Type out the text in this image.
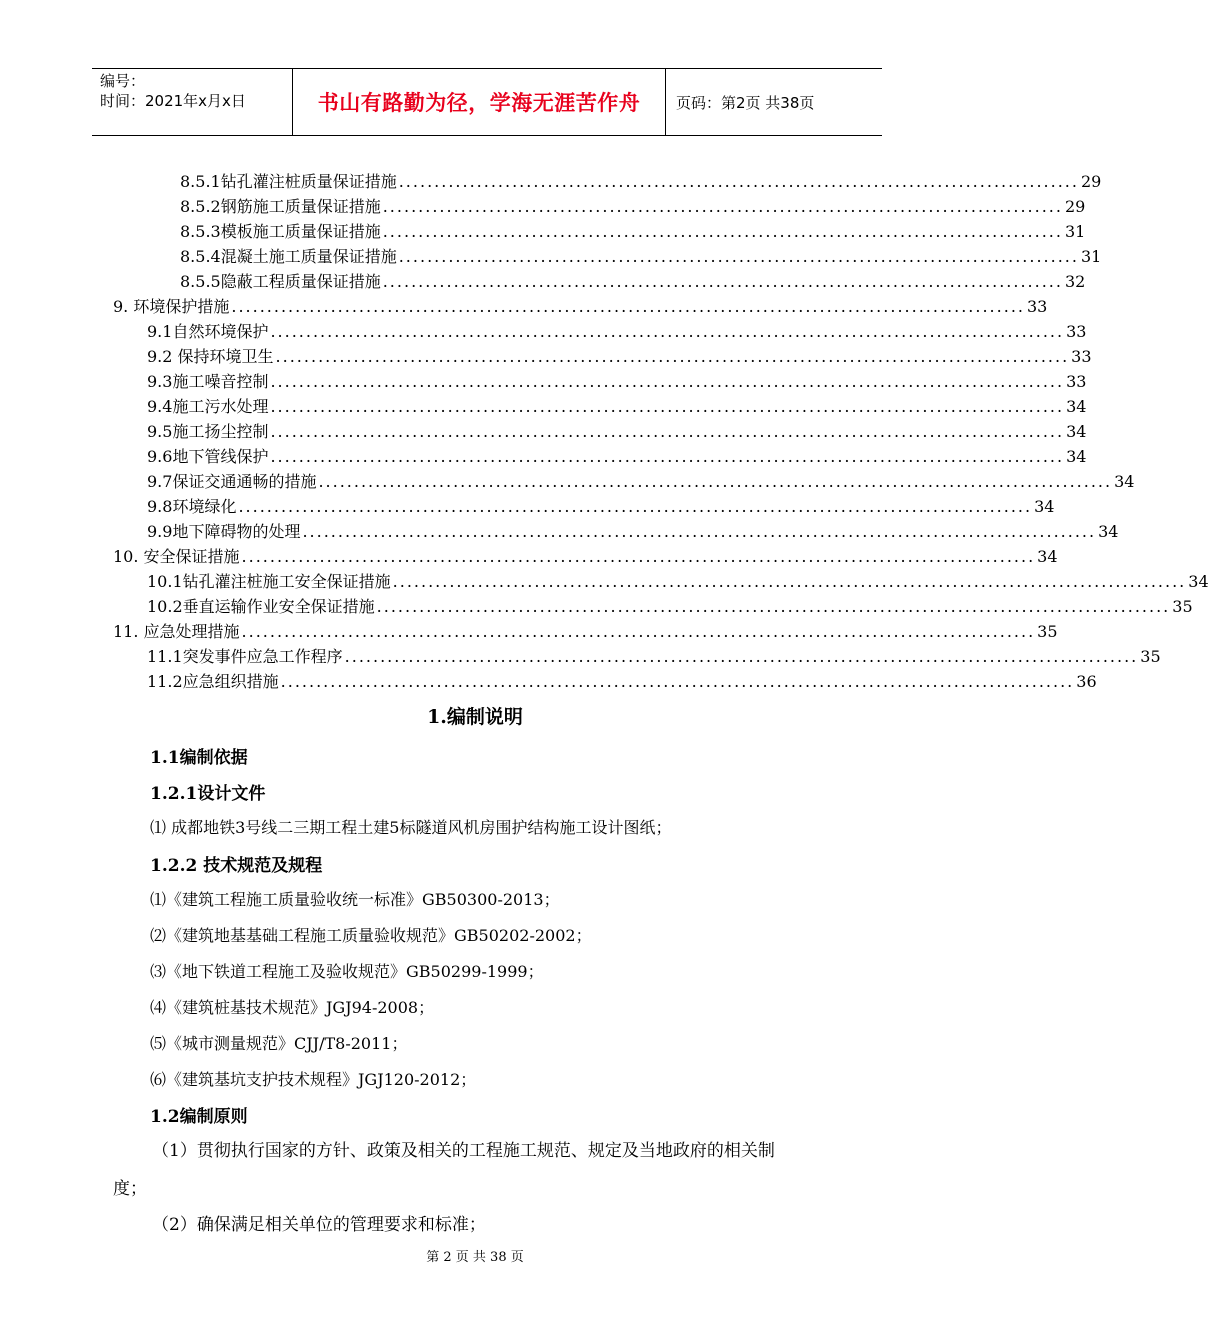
编号：
时间：2021年x月x日	书山有路勤为径，学海无涯苦作舟	页码：第2页 共38页
8.5.1钻孔灌注桩质量保证措施 ................................................................................................ 29
8.5.2钢筋施工质量保证措施 ................................................................................................ 29
8.5.3模板施工质量保证措施 ................................................................................................ 31
8.5.4混凝土施工质量保证措施 ................................................................................................ 31
8.5.5隐蔽工程质量保证措施 ................................................................................................ 32
9. 环境保护措施 ................................................................................................................ 33
9.1自然环境保护 ................................................................................................................ 33
9.2 保持环境卫生 ................................................................................................................ 33
9.3施工噪音控制 ................................................................................................................ 33
9.4施工污水处理 ................................................................................................................ 34
9.5施工扬尘控制 ................................................................................................................ 34
9.6地下管线保护 ................................................................................................................ 34
9.7保证交通通畅的措施 ................................................................................................................ 34
9.8环境绿化 ................................................................................................................ 34
9.9地下障碍物的处理 ................................................................................................................ 34
10. 安全保证措施 ................................................................................................................ 34
10.1钻孔灌注桩施工安全保证措施 ................................................................................................................ 34
10.2垂直运输作业安全保证措施 ................................................................................................................ 35
11. 应急处理措施 ................................................................................................................ 35
11.1突发事件应急工作程序 ................................................................................................................ 35
11.2应急组织措施 ................................................................................................................ 36
1.编制说明
1.1编制依据
1.2.1设计文件
⑴ 成都地铁3号线二三期工程土建5标隧道风机房围护结构施工设计图纸；
1.2.2 技术规范及规程
⑴《建筑工程施工质量验收统一标准》GB50300-2013；
⑵《建筑地基基础工程施工质量验收规范》GB50202-2002；
⑶《地下铁道工程施工及验收规范》GB50299-1999；
⑷《建筑桩基技术规范》JGJ94-2008；
⑸《城市测量规范》CJJ/T8-2011；
⑹《建筑基坑支护技术规程》JGJ120-2012；
1.2编制原则
（1）贯彻执行国家的方针、政策及相关的工程施工规范、规定及当地政府的相关制
度；
（2）确保满足相关单位的管理要求和标准；
第 2 页 共 38 页
